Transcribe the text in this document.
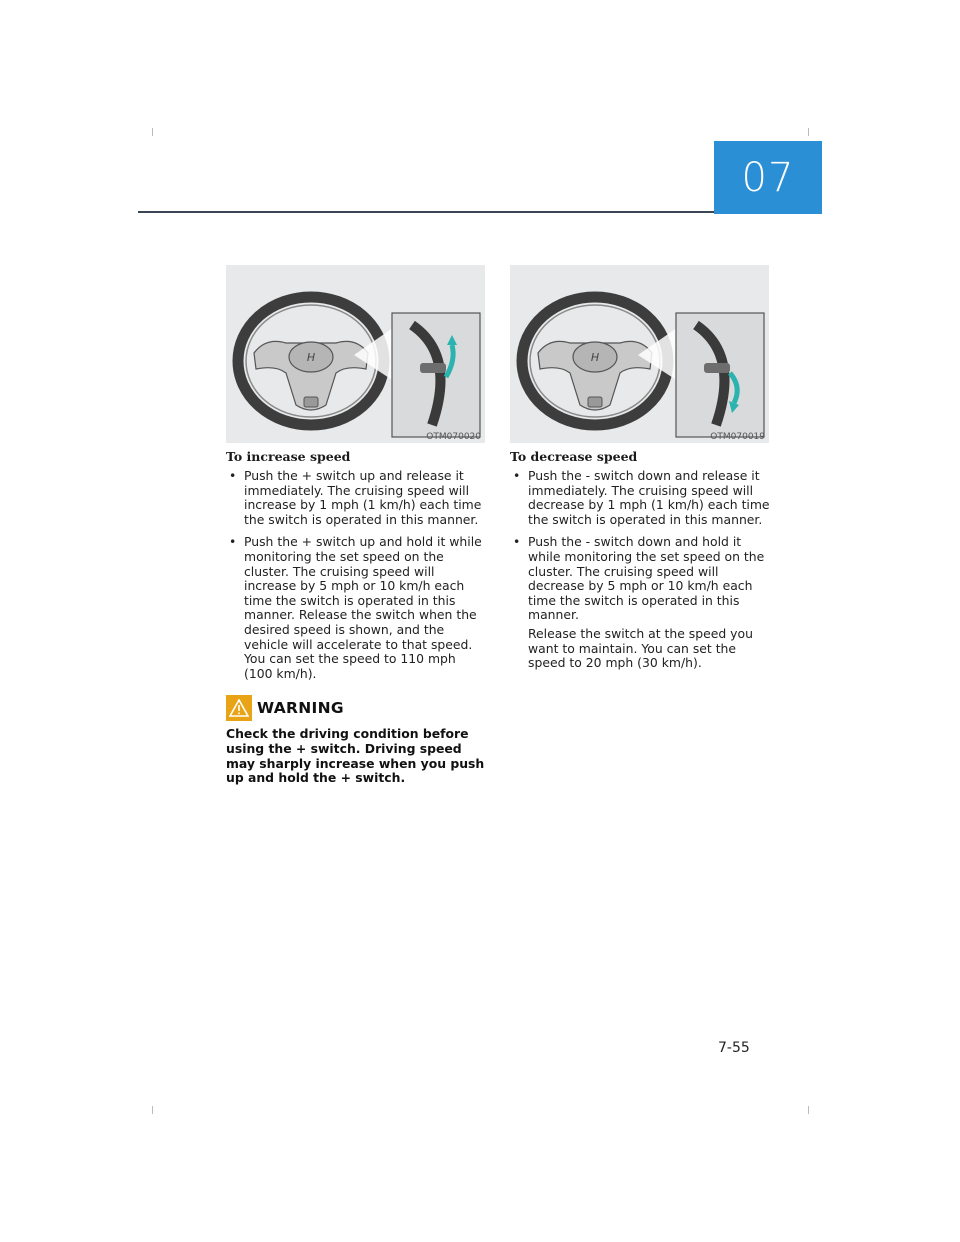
07
H
OTM070020
To increase speed
• Push the + switch up and release it immediately. The cruising speed will increase by 1 mph (1 km/h) each time the switch is operated in this manner.
• Push the + switch up and hold it while monitoring the set speed on the cluster. The cruising speed will increase by 5 mph or 10 km/h each time the switch is operated in this manner. Release the switch when the desired speed is shown, and the vehicle will accelerate to that speed. You can set the speed to 110 mph (100 km/h).
WARNING
Check the driving condition before using the + switch. Driving speed may sharply increase when you push up and hold the + switch.
H
OTM070019
To decrease speed
• Push the - switch down and release it immediately. The cruising speed will decrease by 1 mph (1 km/h) each time the switch is operated in this manner.
• Push the - switch down and hold it while monitoring the set speed on the cluster. The cruising speed will decrease by 5 mph or 10 km/h each time the switch is operated in this manner.
Release the switch at the speed you want to maintain. You can set the speed to 20 mph (30 km/h).
7-55
